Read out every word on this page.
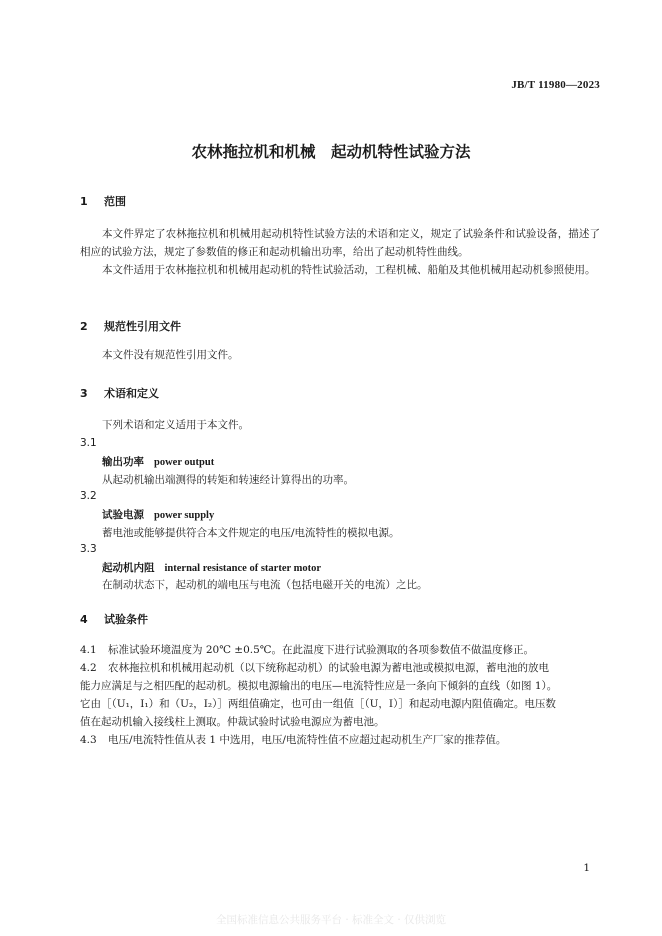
JB/T 11980—2023
农林拖拉机和机械　起动机特性试验方法
1 范围
本文件界定了农林拖拉机和机械用起动机特性试验方法的术语和定义，规定了试验条件和试验设备，描述了相应的试验方法，规定了参数值的修正和起动机输出功率，给出了起动机特性曲线。
本文件适用于农林拖拉机和机械用起动机的特性试验活动，工程机械、船舶及其他机械用起动机参照使用。
2 规范性引用文件
本文件没有规范性引用文件。
3 术语和定义
下列术语和定义适用于本文件。
3.1
输出功率 power output
从起动机输出端测得的转矩和转速经计算得出的功率。
3.2
试验电源 power supply
蓄电池或能够提供符合本文件规定的电压/电流特性的模拟电源。
3.3
起动机内阻 internal resistance of starter motor
在制动状态下，起动机的端电压与电流（包括电磁开关的电流）之比。
4 试验条件
4.1 标准试验环境温度为 20℃ ±0.5℃。在此温度下进行试验测取的各项参数值不做温度修正。
4.2 农林拖拉机和机械用起动机（以下统称起动机）的试验电源为蓄电池或模拟电源，蓄电池的放电
能力应满足与之相匹配的起动机。模拟电源输出的电压—电流特性应是一条向下倾斜的直线（如图 1）。
它由［（U₁，I₁）和（U₂，I₂）］两组值确定，也可由一组值［（U，I）］和起动电源内阻值确定。电压数
值在起动机输入接线柱上测取。仲裁试验时试验电源应为蓄电池。
4.3 电压/电流特性值从表 1 中选用，电压/电流特性值不应超过起动机生产厂家的推荐值。
1
全国标准信息公共服务平台 · 标准全文 · 仅供浏览
